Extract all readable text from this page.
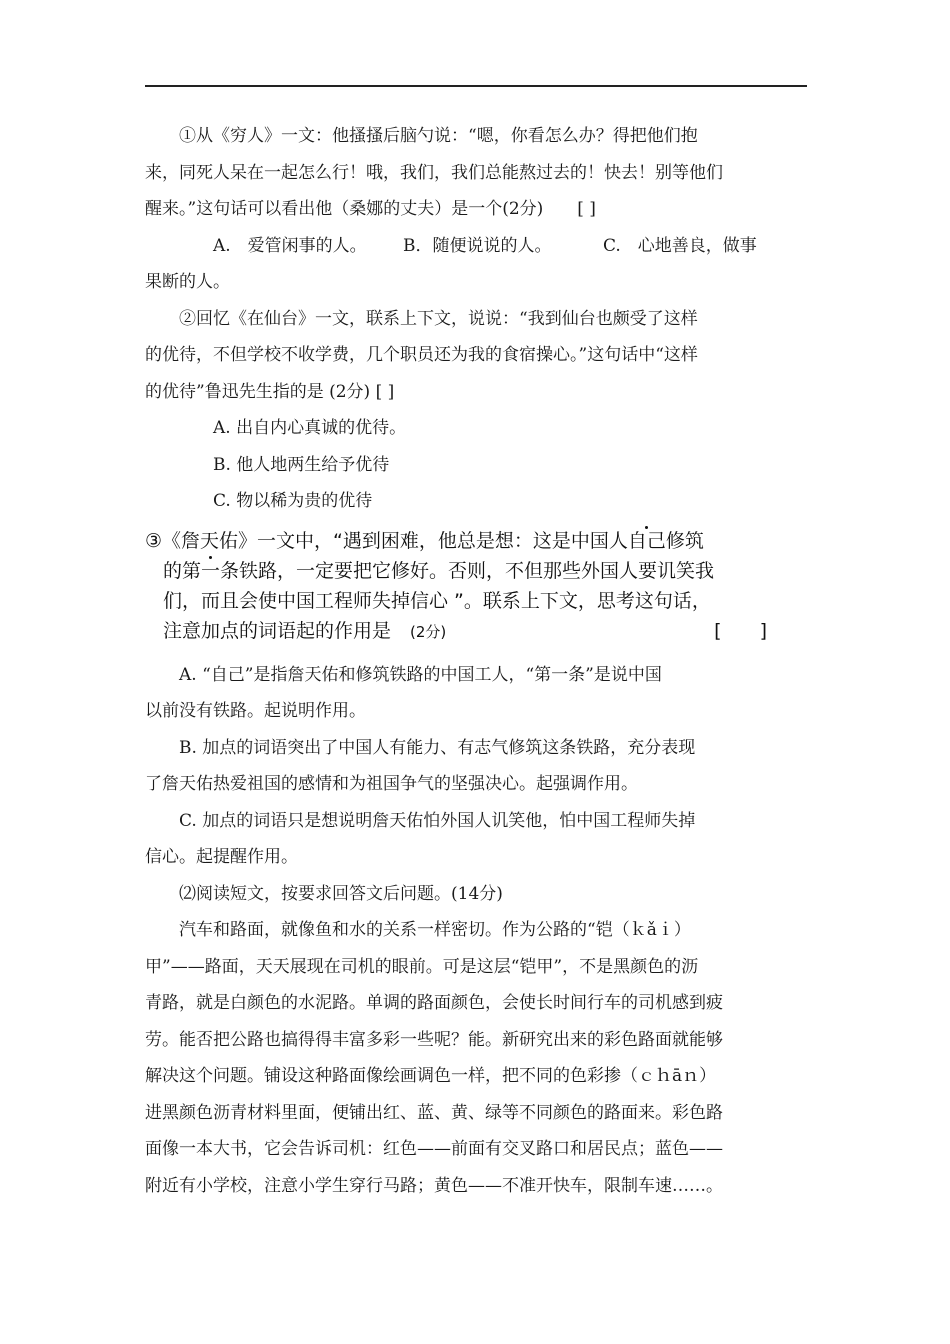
①从《穷人》一文：他搔搔后脑勺说：“嗯，你看怎么办？得把他们抱

来，同死人呆在一起怎么行！哦，我们，我们总能熬过去的！快去！别等他们

醒来。”这句话可以看出他（桑娜的丈夫）是一个(2分)　　[ ]

A.　爱管闲事的人。	B．随便说说的人。	C.　心地善良，做事

果断的人。

②回忆《在仙台》一文，联系上下文，说说：“我到仙台也颇受了这样

的优待，不但学校不收学费，几个职员还为我的食宿操心。”这句话中“这样

的优待”鲁迅先生指的是 (2分) [ ]

A. 出自内心真诚的优待。

B. 他人地两生给予优待

C. 物以稀为贵的优待

③《詹天佑》一文中，“遇到困难，他总是想：这是中国人自己修筑
的第一条铁路，一定要把它修好。否则，不但那些外国人要讥笑我
们，而且会使中国工程师失掉信心 ”。联系上下文，思考这句话，
注意加点的词语起的作用是　 (2分)	[　　]

A. “自己”是指詹天佑和修筑铁路的中国工人，“第一条”是说中国

以前没有铁路。起说明作用。

B. 加点的词语突出了中国人有能力、有志气修筑这条铁路，充分表现

了詹天佑热爱祖国的感情和为祖国争气的坚强决心。起强调作用。

C. 加点的词语只是想说明詹天佑怕外国人讥笑他，怕中国工程师失掉

信心。起提醒作用。

⑵阅读短文，按要求回答文后问题。(14分)

汽车和路面，就像鱼和水的关系一样密切。作为公路的“铠（ｋǎｉ）

甲”——路面，天天展现在司机的眼前。可是这层“铠甲”，不是黑颜色的沥

青路，就是白颜色的水泥路。单调的路面颜色，会使长时间行车的司机感到疲

劳。能否把公路也搞得得丰富多彩一些呢？能。新研究出来的彩色路面就能够

解决这个问题。铺设这种路面像绘画调色一样，把不同的色彩掺（ｃｈāｎ）

进黑颜色沥青材料里面，便铺出红、蓝、黄、绿等不同颜色的路面来。彩色路

面像一本大书，它会告诉司机：红色——前面有交叉路口和居民点；蓝色——

附近有小学校，注意小学生穿行马路；黄色——不准开快车，限制车速……。
